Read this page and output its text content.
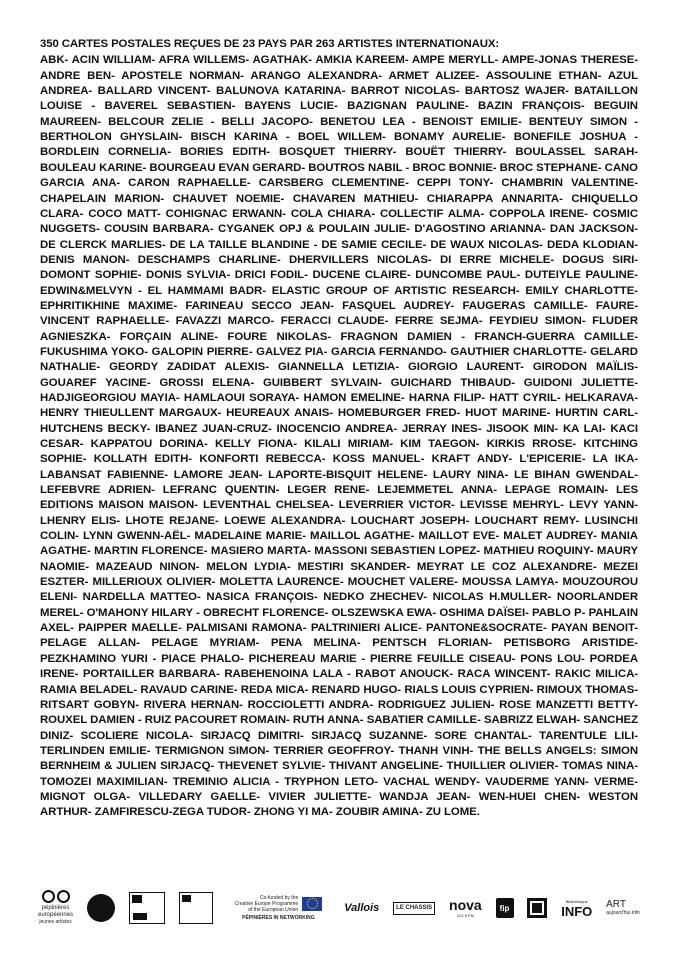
350 CARTES POSTALES REÇUES DE 23 PAYS PAR 263 ARTISTES INTERNATIONAUX:

ABK- ACIN WILLIAM- AFRA WILLEMS- AGATHAK- AMKIA KAREEM- AMPE MERYLL- AMPE-JONAS THERESE- ANDRE BEN- APOSTELE NORMAN- ARANGO ALEXANDRA- ARMET ALIZEE- ASSOULINE ETHAN- AZUL ANDREA- BALLARD VINCENT- BALUNOVA KATARINA- BARROT NICOLAS- BARTOSZ WAJER- BATAILLON LOUISE - BAVEREL SEBASTIEN- BAYENS LUCIE- BAZIGNAN PAULINE- BAZIN FRANÇOIS- BEGUIN MAUREEN- BELCOUR ZELIE - BELLI JACOPO- BENETOU LEA - BENOIST EMILIE- BENTEUY SIMON - BERTHOLON GHYSLAIN- BISCH KARINA - BOEL WILLEM- BONAMY AURELIE- BONEFILE JOSHUA - BORDLEIN CORNELIA- BORIES EDITH- BOSQUET THIERRY- BOUËT THIERRY- BOULASSEL SARAH- BOULEAU KARINE- BOURGEAU EVAN GERARD- BOUTROS NABIL - BROC BONNIE- BROC STEPHANE- CANO GARCIA ANA- CARON RAPHAELLE- CARSBERG CLEMENTINE- CEPPI TONY- CHAMBRIN VALENTINE- CHAPELAIN MARION- CHAUVET NOEMIE- CHAVAREN MATHIEU- CHIARAPPA ANNARITA- CHIQUELLO CLARA- COCO MATT- COHIGNAC ERWANN- COLA CHIARA- COLLECTIF ALMA- COPPOLA IRENE- COSMIC NUGGETS- COUSIN BARBARA- CYGANEK OPJ & POULAIN JULIE- D'AGOSTINO ARIANNA- DAN JACKSON- DE CLERCK MARLIES- DE LA TAILLE BLANDINE - DE SAMIE CECILE- DE WAUX NICOLAS- DEDA KLODIAN- DENIS MANON- DESCHAMPS CHARLINE- DHERVILLERS NICOLAS- DI ERRE MICHELE- DOGUS SIRI- DOMONT SOPHIE- DONIS SYLVIA- DRICI FODIL- DUCENE CLAIRE- DUNCOMBE PAUL- DUTEIYLE PAULINE- EDWIN&MELVYN - EL HAMMAMI BADR- ELASTIC GROUP OF ARTISTIC RESEARCH- EMILY CHARLOTTE- EPHRITIKHINE MAXIME- FARINEAU SECCO JEAN- FASQUEL AUDREY- FAUGERAS CAMILLE- FAURE-VINCENT RAPHAELLE- FAVAZZI MARCO- FERACCI CLAUDE- FERRE SEJMA- FEYDIEU SIMON- FLUDER AGNIESZKA- FORÇAIN ALINE- FOURE NIKOLAS- FRAGNON DAMIEN - FRANCH-GUERRA CAMILLE- FUKUSHIMA YOKO- GALOPIN PIERRE- GALVEZ PIA- GARCIA FERNANDO- GAUTHIER CHARLOTTE- GELARD NATHALIE- GEORDY ZADIDAT ALEXIS- GIANNELLA LETIZIA- GIORGIO LAURENT- GIRODON MAÏLIS- GOUAREF YACINE- GROSSI ELENA- GUIBBERT SYLVAIN- GUICHARD THIBAUD- GUIDONI JULIETTE- HADJIGEORGIOU MAYIA- HAMLAOUI SORAYA- HAMON EMELINE- HARNA FILIP- HATT CYRIL- HELKARAVA- HENRY THIEULLENT MARGAUX- HEUREAUX ANAIS- HOMEBURGER FRED- HUOT MARINE- HURTIN CARL- HUTCHENS BECKY- IBANEZ JUAN-CRUZ- INOCENCIO ANDREA- JERRAY INES- JISOOK MIN- KA LAI- KACI CESAR- KAPPATOU DORINA- KELLY FIONA- KILALI MIRIAM- KIM TAEGON- KIRKIS RROSE- KITCHING SOPHIE- KOLLATH EDITH- KONFORTI REBECCA- KOSS MANUEL- KRAFT ANDY- L'EPICERIE- LA IKA- LABANSAT FABIENNE- LAMORE JEAN- LAPORTE-BISQUIT HELENE- LAURY NINA- LE BIHAN GWENDAL- LEFEBVRE ADRIEN- LEFRANC QUENTIN- LEGER RENE- LEJEMMETEL ANNA- LEPAGE ROMAIN- LES EDITIONS MAISON MAISON- LEVENTHAL CHELSEA- LEVERRIER VICTOR- LEVISSE MEHRYL- LEVY YANN- LHENRY ELIS- LHOTE REJANE- LOEWE ALEXANDRA- LOUCHART JOSEPH- LOUCHART REMY- LUSINCHI COLIN- LYNN GWENN-AËL- MADELAINE MARIE- MAILLOL AGATHE- MAILLOT EVE- MALET AUDREY- MANIA AGATHE- MARTIN FLORENCE- MASIERO MARTA- MASSONI SEBASTIEN LOPEZ- MATHIEU ROQUINY- MAURY NAOMIE- MAZEAUD NINON- MELON LYDIA- MESTIRI SKANDER- MEYRAT LE COZ ALEXANDRE- MEZEI ESZTER- MILLERIOUX OLIVIER- MOLETTA LAURENCE- MOUCHET VALERE- MOUSSA LAMYA- MOUZOUROU ELENI- NARDELLA MATTEO- NASICA FRANÇOIS- NEDKO ZHECHEV- NICOLAS H.MULLER- NOORLANDER MEREL- O'MAHONY HILARY - OBRECHT FLORENCE- OLSZEWSKA EWA- OSHIMA DAÏSEI- PABLO P- PAHLAIN AXEL- PAIPPER MAELLE- PALMISANI RAMONA- PALTRINIERI ALICE- PANTONE&SOCRATE- PAYAN BENOIT- PELAGE ALLAN- PELAGE MYRIAM- PENA MELINA- PENTSCH FLORIAN- PETISBORG ARISTIDE- PEZKHAMINO YURI - PIACE PHALO- PICHEREAU MARIE - PIERRE FEUILLE CISEAU- PONS LOU- PORDEA IRENE- PORTAILLER BARBARA- RABEHENOINA LALA - RABOT ANOUCK- RACA WINCENT- RAKIC MILICA- RAMIA BELADEL- RAVAUD CARINE- REDA MICA- RENARD HUGO- RIALS LOUIS CYPRIEN- RIMOUX THOMAS- RITSART GOBYN- RIVERA HERNAN- ROCCIOLETTI ANDRA- RODRIGUEZ JULIEN- ROSE MANZETTI BETTY- ROUXEL DAMIEN - RUIZ PACOURET ROMAIN- RUTH ANNA- SABATIER CAMILLE- SABRIZZ ELWAH- SANCHEZ DINIZ- SCOLIERE NICOLA- SIRJACQ DIMITRI- SIRJACQ SUZANNE- SORE CHANTAL- TARENTULE LILI- TERLINDEN EMILIE- TERMIGNON SIMON- TERRIER GEOFFROY- THANH VINH- THE BELLS ANGELS: SIMON BERNHEIM & JULIEN SIRJACQ- THEVENET SYLVIE- THIVANT ANGELINE- THUILLIER OLIVIER- TOMAS NINA- TOMOZEI MAXIMILIAN- TREMINIO ALICIA - TRYPHON LETO- VACHAL WENDY- VAUDERME YANN- VERME-MIGNOT OLGA- VILLEDARY GAELLE- VIVIER JULIETTE- WANDJA JEAN- WEN-HUEI CHEN- WESTON ARTHUR- ZAMFIRESCU-ZEGA TUDOR- ZHONG YI MA- ZOUBIR AMINA- ZU LOME.

pépinières
européennes
jeunes artistes
Co-funded by the
Creative Europe Programme
of the European Union
PÉPINIÈRES IN NETWORKING
Vallois	LE CHASSIS nova
101.5 FM
fip
Bibliothèque
INFO ART
aujourd'hui.info
